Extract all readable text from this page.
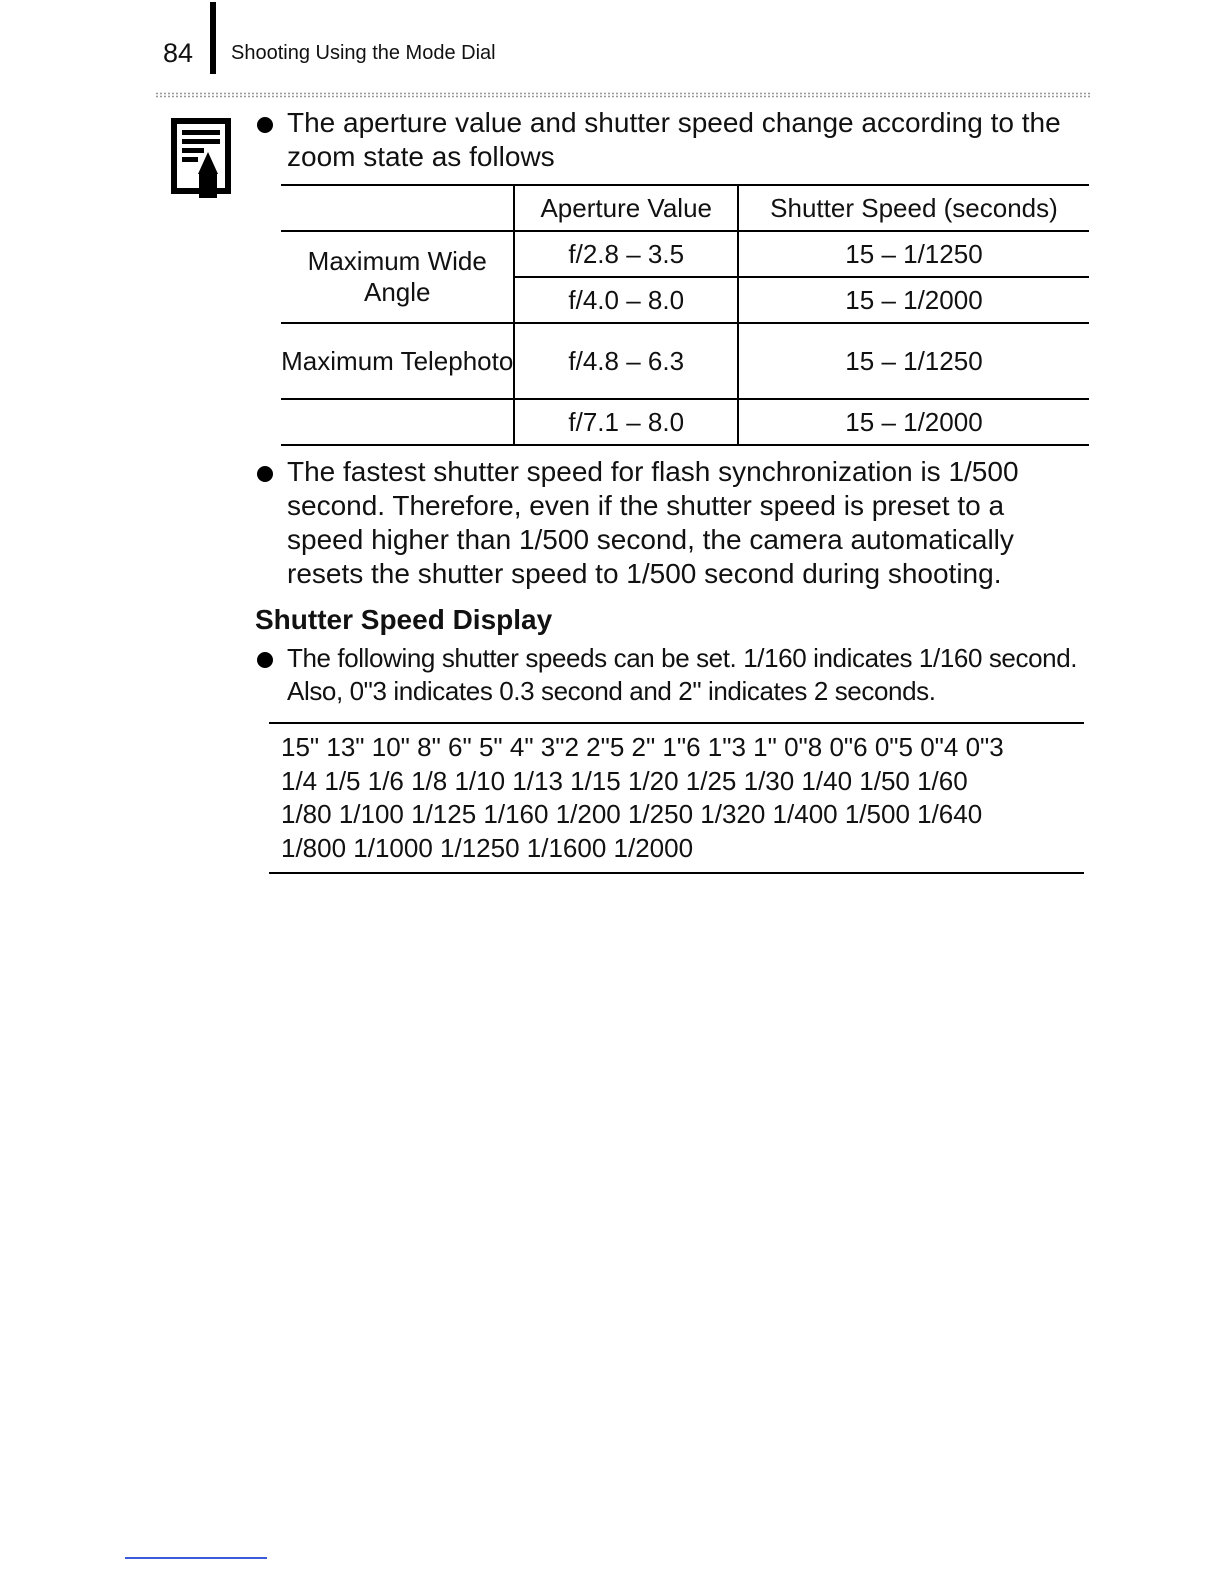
84 Shooting Using the Mode Dial
The aperture value and shutter speed change according to the zoom state as follows
	Aperture Value	Shutter Speed (seconds)
Maximum Wide Angle	f/2.8 – 3.5	15 – 1/1250
	f/4.0 – 8.0	15 – 1/2000
Maximum Telephoto	f/4.8 – 6.3	15 – 1/1250
	f/7.1 – 8.0	15 – 1/2000
The fastest shutter speed for flash synchronization is 1/500 second. Therefore, even if the shutter speed is preset to a speed higher than 1/500 second, the camera automatically resets the shutter speed to 1/500 second during shooting.
Shutter Speed Display
The following shutter speeds can be set. 1/160 indicates 1/160 second. Also, 0"3 indicates 0.3 second and 2" indicates 2 seconds.
15" 13" 10" 8" 6" 5" 4" 3"2 2"5 2" 1"6 1"3 1" 0"8 0"6 0"5 0"4 0"3
1/4 1/5 1/6 1/8 1/10 1/13 1/15 1/20 1/25 1/30 1/40 1/50 1/60
1/80 1/100 1/125 1/160 1/200 1/250 1/320 1/400 1/500 1/640
1/800 1/1000 1/1250 1/1600 1/2000
